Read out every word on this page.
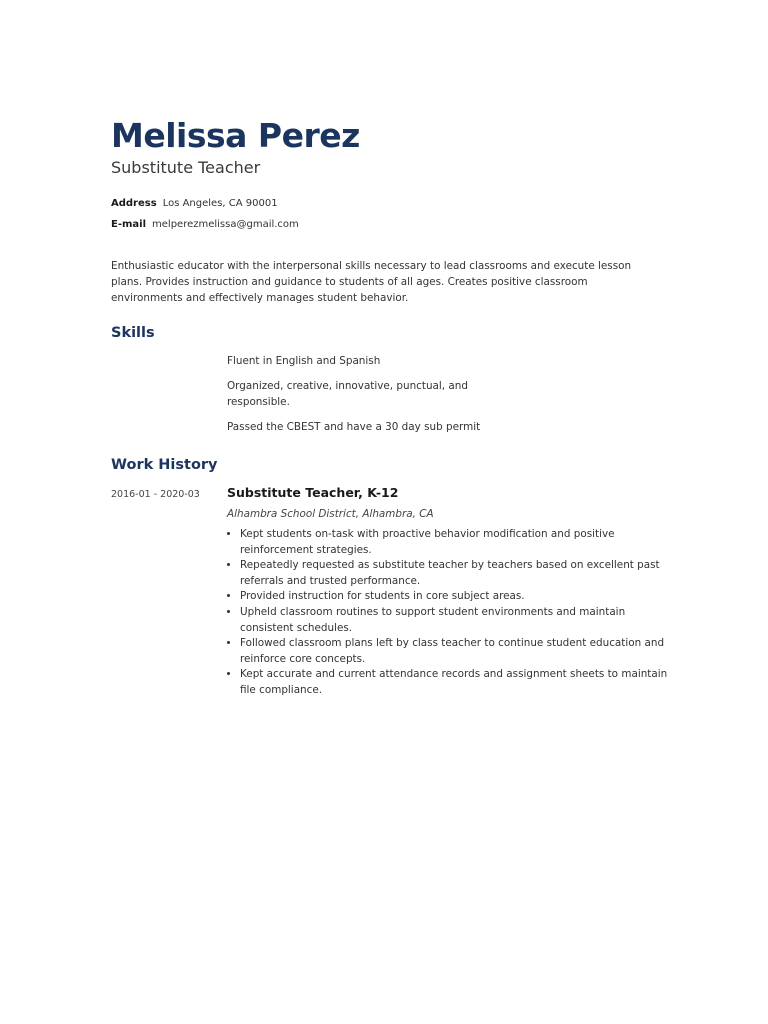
Melissa Perez
Substitute Teacher
Address Los Angeles, CA 90001
E-mail melperezmelissa@gmail.com

Enthusiastic educator with the interpersonal skills necessary to lead classrooms and execute lesson plans. Provides instruction and guidance to students of all ages. Creates positive classroom environments and effectively manages student behavior.

Skills
Fluent in English and Spanish
Organized, creative, innovative, punctual, and responsible.
Passed the CBEST and have a 30 day sub permit
Work History
2016-01 - 2020-03 Substitute Teacher, K-12
Alhambra School District, Alhambra, CA
• Kept students on-task with proactive behavior modification and positive reinforcement strategies.
• Repeatedly requested as substitute teacher by teachers based on excellent past referrals and trusted performance.
• Provided instruction for students in core subject areas.
• Upheld classroom routines to support student environments and maintain consistent schedules.
• Followed classroom plans left by class teacher to continue student education and reinforce core concepts.
• Kept accurate and current attendance records and assignment sheets to maintain file compliance.
